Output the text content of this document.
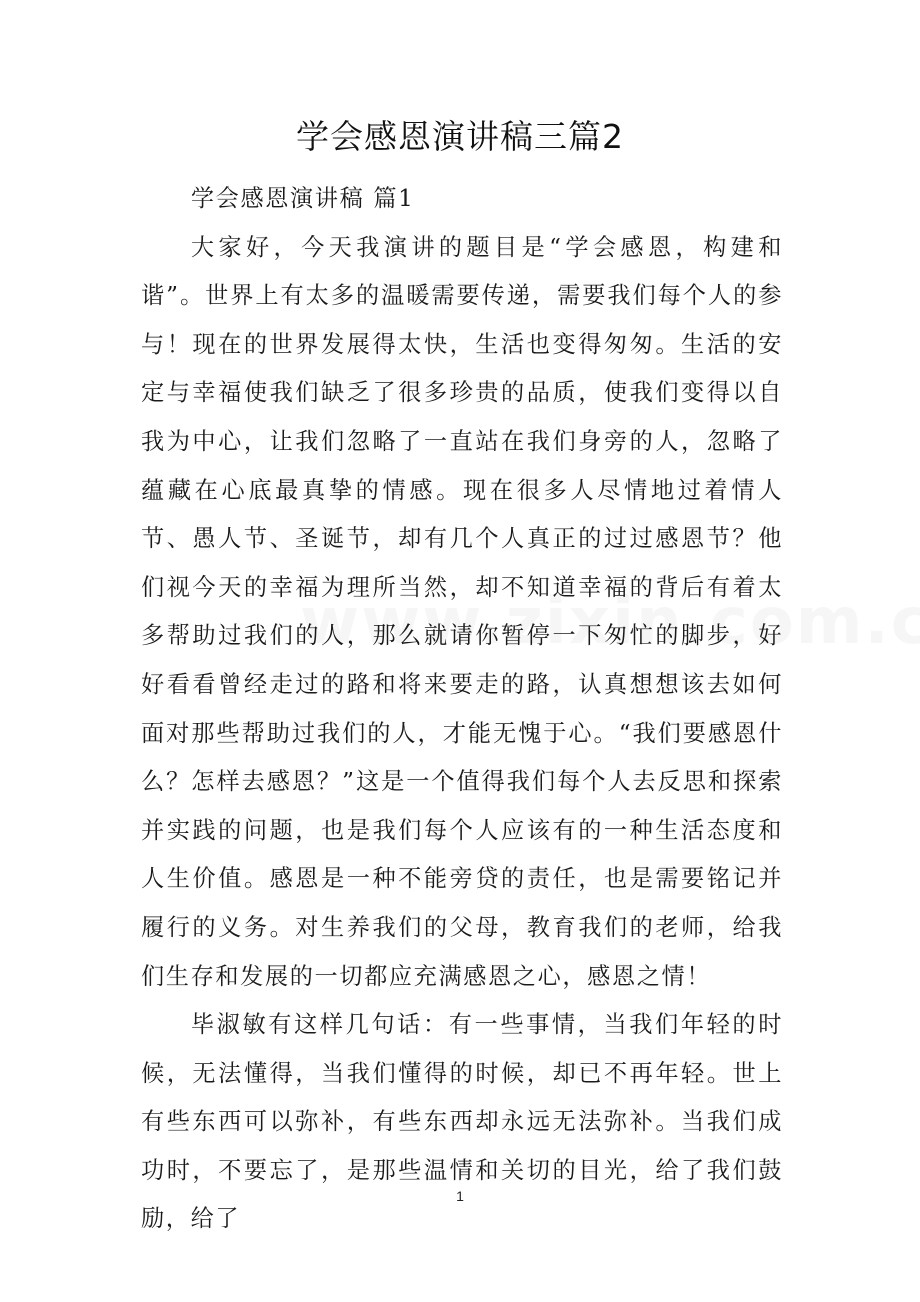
学会感恩演讲稿三篇2

学会感恩演讲稿 篇1

大家好，今天我演讲的题目是“学会感恩，构建和谐”。世界上有太多的温暖需要传递，需要我们每个人的参与！现在的世界发展得太快，生活也变得匆匆。生活的安定与幸福使我们缺乏了很多珍贵的品质，使我们变得以自我为中心，让我们忽略了一直站在我们身旁的人，忽略了蕴藏在心底最真挚的情感。现在很多人尽情地过着情人节、愚人节、圣诞节，却有几个人真正的过过感恩节？他们视今天的幸福为理所当然，却不知道幸福的背后有着太多帮助过我们的人，那么就请你暂停一下匆忙的脚步，好好看看曾经走过的路和将来要走的路，认真想想该去如何面对那些帮助过我们的人，才能无愧于心。“我们要感恩什么？怎样去感恩？”这是一个值得我们每个人去反思和探索并实践的问题，也是我们每个人应该有的一种生活态度和人生价值。感恩是一种不能旁贷的责任，也是需要铭记并履行的义务。对生养我们的父母，教育我们的老师，给我们生存和发展的一切都应充满感恩之心，感恩之情！

毕淑敏有这样几句话：有一些事情，当我们年轻的时候，无法懂得，当我们懂得的时候，却已不再年轻。世上有些东西可以弥补，有些东西却永远无法弥补。当我们成功时，不要忘了，是那些温情和关切的目光，给了我们鼓励，给了

1
